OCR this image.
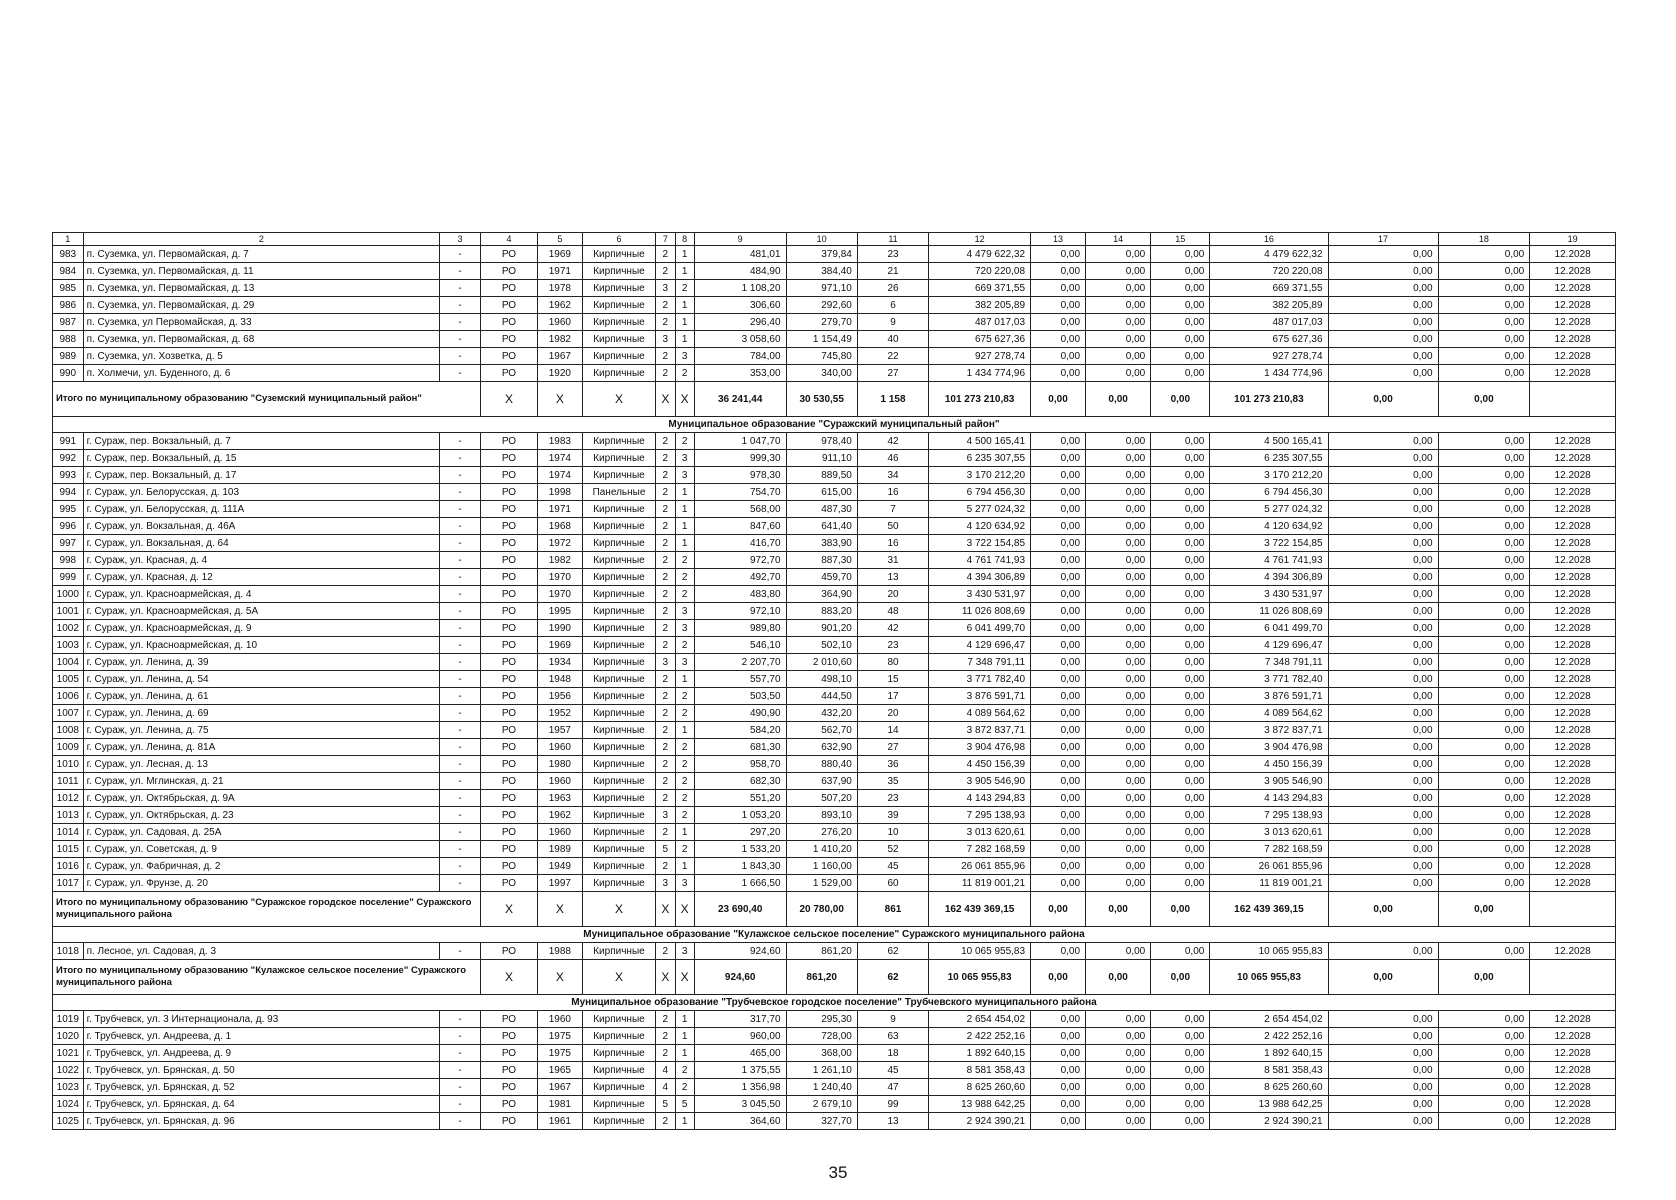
1	2	3	4	5	6	7	8	9	10	11	12	13	14	15	16	17	18	19
983	п. Суземка, ул. Первомайская, д. 7	-	РО	1969	Кирпичные	2	1	481,01	379,84	23	4 479 622,32	0,00	0,00	0,00	4 479 622,32	0,00	0,00	12.2028
984	п. Суземка, ул. Первомайская, д. 11	-	РО	1971	Кирпичные	2	1	484,90	384,40	21	720 220,08	0,00	0,00	0,00	720 220,08	0,00	0,00	12.2028
985	п. Суземка, ул. Первомайская, д. 13	-	РО	1978	Кирпичные	3	2	1 108,20	971,10	26	669 371,55	0,00	0,00	0,00	669 371,55	0,00	0,00	12.2028
986	п. Суземка, ул. Первомайская, д. 29	-	РО	1962	Кирпичные	2	1	306,60	292,60	6	382 205,89	0,00	0,00	0,00	382 205,89	0,00	0,00	12.2028
987	п. Суземка, ул Первомайская, д. 33	-	РО	1960	Кирпичные	2	1	296,40	279,70	9	487 017,03	0,00	0,00	0,00	487 017,03	0,00	0,00	12.2028
988	п. Суземка, ул. Первомайская, д. 68	-	РО	1982	Кирпичные	3	1	3 058,60	1 154,49	40	675 627,36	0,00	0,00	0,00	675 627,36	0,00	0,00	12.2028
989	п. Суземка, ул. Хозветка, д. 5	-	РО	1967	Кирпичные	2	3	784,00	745,80	22	927 278,74	0,00	0,00	0,00	927 278,74	0,00	0,00	12.2028
990	п. Холмечи, ул. Буденного, д. 6	-	РО	1920	Кирпичные	2	2	353,00	340,00	27	1 434 774,96	0,00	0,00	0,00	1 434 774,96	0,00	0,00	12.2028
Итого по муниципальному образованию "Суземский муниципальный район"			X	X	X	X	X	36 241,44	30 530,55	1 158	101 273 210,83	0,00	0,00	0,00	101 273 210,83	0,00	0,00	
Муниципальное образование "Суражский муниципальный район"																		
991	г. Сураж, пер. Вокзальный, д. 7	-	РО	1983	Кирпичные	2	2	1 047,70	978,40	42	4 500 165,41	0,00	0,00	0,00	4 500 165,41	0,00	0,00	12.2028
992	г. Сураж, пер. Вокзальный, д. 15	-	РО	1974	Кирпичные	2	3	999,30	911,10	46	6 235 307,55	0,00	0,00	0,00	6 235 307,55	0,00	0,00	12.2028
993	г. Сураж, пер. Вокзальный, д. 17	-	РО	1974	Кирпичные	2	3	978,30	889,50	34	3 170 212,20	0,00	0,00	0,00	3 170 212,20	0,00	0,00	12.2028
994	г. Сураж, ул. Белорусская, д. 103	-	РО	1998	Панельные	2	1	754,70	615,00	16	6 794 456,30	0,00	0,00	0,00	6 794 456,30	0,00	0,00	12.2028
995	г. Сураж, ул. Белорусская, д. 111А	-	РО	1971	Кирпичные	2	1	568,00	487,30	7	5 277 024,32	0,00	0,00	0,00	5 277 024,32	0,00	0,00	12.2028
996	г. Сураж, ул. Вокзальная, д. 46А	-	РО	1968	Кирпичные	2	1	847,60	641,40	50	4 120 634,92	0,00	0,00	0,00	4 120 634,92	0,00	0,00	12.2028
997	г. Сураж, ул. Вокзальная, д. 64	-	РО	1972	Кирпичные	2	1	416,70	383,90	16	3 722 154,85	0,00	0,00	0,00	3 722 154,85	0,00	0,00	12.2028
998	г. Сураж, ул. Красная, д. 4	-	РО	1982	Кирпичные	2	2	972,70	887,30	31	4 761 741,93	0,00	0,00	0,00	4 761 741,93	0,00	0,00	12.2028
999	г. Сураж, ул. Красная, д. 12	-	РО	1970	Кирпичные	2	2	492,70	459,70	13	4 394 306,89	0,00	0,00	0,00	4 394 306,89	0,00	0,00	12.2028
1000	г. Сураж, ул. Красноармейская, д. 4	-	РО	1970	Кирпичные	2	2	483,80	364,90	20	3 430 531,97	0,00	0,00	0,00	3 430 531,97	0,00	0,00	12.2028
1001	г. Сураж, ул. Красноармейская, д. 5А	-	РО	1995	Кирпичные	2	3	972,10	883,20	48	11 026 808,69	0,00	0,00	0,00	11 026 808,69	0,00	0,00	12.2028
1002	г. Сураж, ул. Красноармейская, д. 9	-	РО	1990	Кирпичные	2	3	989,80	901,20	42	6 041 499,70	0,00	0,00	0,00	6 041 499,70	0,00	0,00	12.2028
1003	г. Сураж, ул. Красноармейская, д. 10	-	РО	1969	Кирпичные	2	2	546,10	502,10	23	4 129 696,47	0,00	0,00	0,00	4 129 696,47	0,00	0,00	12.2028
1004	г. Сураж, ул. Ленина, д. 39	-	РО	1934	Кирпичные	3	3	2 207,70	2 010,60	80	7 348 791,11	0,00	0,00	0,00	7 348 791,11	0,00	0,00	12.2028
1005	г. Сураж, ул. Ленина, д. 54	-	РО	1948	Кирпичные	2	1	557,70	498,10	15	3 771 782,40	0,00	0,00	0,00	3 771 782,40	0,00	0,00	12.2028
1006	г. Сураж, ул. Ленина, д. 61	-	РО	1956	Кирпичные	2	2	503,50	444,50	17	3 876 591,71	0,00	0,00	0,00	3 876 591,71	0,00	0,00	12.2028
1007	г. Сураж, ул. Ленина, д. 69	-	РО	1952	Кирпичные	2	2	490,90	432,20	20	4 089 564,62	0,00	0,00	0,00	4 089 564,62	0,00	0,00	12.2028
1008	г. Сураж, ул. Ленина, д. 75	-	РО	1957	Кирпичные	2	1	584,20	562,70	14	3 872 837,71	0,00	0,00	0,00	3 872 837,71	0,00	0,00	12.2028
1009	г. Сураж, ул. Ленина, д. 81А	-	РО	1960	Кирпичные	2	2	681,30	632,90	27	3 904 476,98	0,00	0,00	0,00	3 904 476,98	0,00	0,00	12.2028
1010	г. Сураж, ул. Лесная, д. 13	-	РО	1980	Кирпичные	2	2	958,70	880,40	36	4 450 156,39	0,00	0,00	0,00	4 450 156,39	0,00	0,00	12.2028
1011	г. Сураж, ул. Мглинская, д. 21	-	РО	1960	Кирпичные	2	2	682,30	637,90	35	3 905 546,90	0,00	0,00	0,00	3 905 546,90	0,00	0,00	12.2028
1012	г. Сураж, ул. Октябрьская, д. 9А	-	РО	1963	Кирпичные	2	2	551,20	507,20	23	4 143 294,83	0,00	0,00	0,00	4 143 294,83	0,00	0,00	12.2028
1013	г. Сураж, ул. Октябрьская, д. 23	-	РО	1962	Кирпичные	3	2	1 053,20	893,10	39	7 295 138,93	0,00	0,00	0,00	7 295 138,93	0,00	0,00	12.2028
1014	г. Сураж, ул. Садовая, д. 25А	-	РО	1960	Кирпичные	2	1	297,20	276,20	10	3 013 620,61	0,00	0,00	0,00	3 013 620,61	0,00	0,00	12.2028
1015	г. Сураж, ул. Советская, д. 9	-	РО	1989	Кирпичные	5	2	1 533,20	1 410,20	52	7 282 168,59	0,00	0,00	0,00	7 282 168,59	0,00	0,00	12.2028
1016	г. Сураж, ул. Фабричная, д. 2	-	РО	1949	Кирпичные	2	1	1 843,30	1 160,00	45	26 061 855,96	0,00	0,00	0,00	26 061 855,96	0,00	0,00	12.2028
1017	г. Сураж, ул. Фрунзе, д. 20	-	РО	1997	Кирпичные	3	3	1 666,50	1 529,00	60	11 819 001,21	0,00	0,00	0,00	11 819 001,21	0,00	0,00	12.2028
Итого по муниципальному образованию "Суражское городское поселение" Суражского муниципального района			X	X	X	X	X	23 690,40	20 780,00	861	162 439 369,15	0,00	0,00	0,00	162 439 369,15	0,00	0,00	
Муниципальное образование "Кулажское сельское поселение" Суражского муниципального района																		
1018	п. Лесное, ул. Садовая, д. 3	-	РО	1988	Кирпичные	2	3	924,60	861,20	62	10 065 955,83	0,00	0,00	0,00	10 065 955,83	0,00	0,00	12.2028
Итого по муниципальному образованию "Кулажское сельское поселение" Суражского муниципального района			X	X	X	X	X	924,60	861,20	62	10 065 955,83	0,00	0,00	0,00	10 065 955,83	0,00	0,00	
Муниципальное образование "Трубчевское городское поселение" Трубчевского муниципального района																		
1019	г. Трубчевск, ул. 3 Интернационала, д. 93	-	РО	1960	Кирпичные	2	1	317,70	295,30	9	2 654 454,02	0,00	0,00	0,00	2 654 454,02	0,00	0,00	12.2028
1020	г. Трубчевск, ул. Андреева, д. 1	-	РО	1975	Кирпичные	2	1	960,00	728,00	63	2 422 252,16	0,00	0,00	0,00	2 422 252,16	0,00	0,00	12.2028
1021	г. Трубчевск, ул. Андреева, д. 9	-	РО	1975	Кирпичные	2	1	465,00	368,00	18	1 892 640,15	0,00	0,00	0,00	1 892 640,15	0,00	0,00	12.2028
1022	г. Трубчевск, ул. Брянская, д. 50	-	РО	1965	Кирпичные	4	2	1 375,55	1 261,10	45	8 581 358,43	0,00	0,00	0,00	8 581 358,43	0,00	0,00	12.2028
1023	г. Трубчевск, ул. Брянская, д. 52	-	РО	1967	Кирпичные	4	2	1 356,98	1 240,40	47	8 625 260,60	0,00	0,00	0,00	8 625 260,60	0,00	0,00	12.2028
1024	г. Трубчевск, ул. Брянская, д. 64	-	РО	1981	Кирпичные	5	5	3 045,50	2 679,10	99	13 988 642,25	0,00	0,00	0,00	13 988 642,25	0,00	0,00	12.2028
1025	г. Трубчевск, ул. Брянская, д. 96	-	РО	1961	Кирпичные	2	1	364,60	327,70	13	2 924 390,21	0,00	0,00	0,00	2 924 390,21	0,00	0,00	12.2028
35
